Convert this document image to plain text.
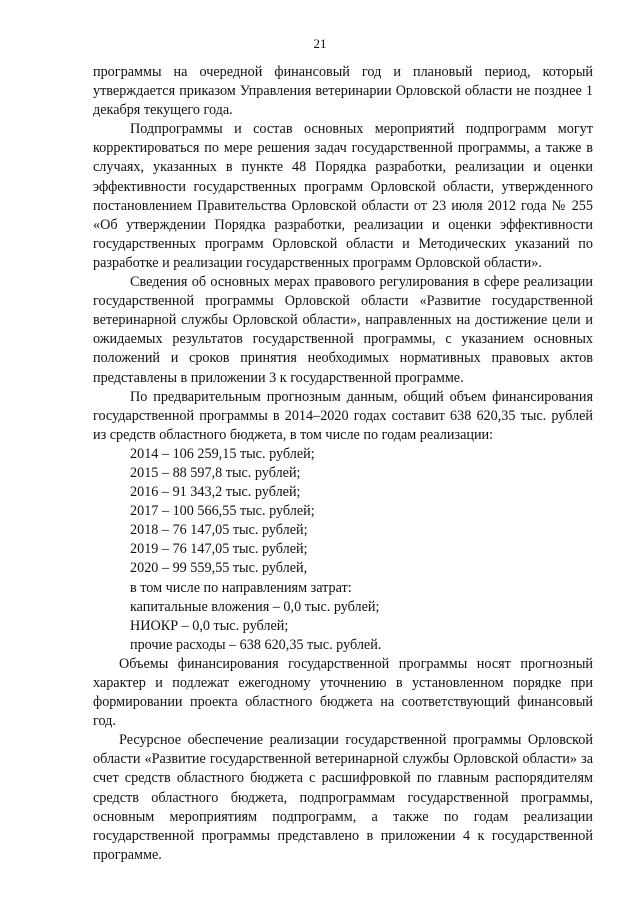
21

программы на очередной финансовый год и плановый период, который утверждается приказом Управления ветеринарии Орловской области не позднее 1 декабря текущего года.

Подпрограммы и состав основных мероприятий подпрограмм могут корректироваться по мере решения задач государственной программы, а также в случаях, указанных в пункте 48 Порядка разработки, реализации и оценки эффективности государственных программ Орловской области, утвержденного постановлением Правительства Орловской области от 23 июля 2012 года № 255 «Об утверждении Порядка разработки, реализации и оценки эффективности государственных программ Орловской области и Методических указаний по разработке и реализации государственных программ Орловской области».

Сведения об основных мерах правового регулирования в сфере реализации государственной программы Орловской области «Развитие государственной ветеринарной службы Орловской области», направленных на достижение цели и ожидаемых результатов государственной программы, с указанием основных положений и сроков принятия необходимых нормативных правовых актов представлены в приложении 3 к государственной программе.

По предварительным прогнозным данным, общий объем финансирования государственной программы в 2014–2020 годах составит 638 620,35 тыс. рублей из средств областного бюджета, в том числе по годам реализации:

2014 – 106 259,15 тыс. рублей;
2015 – 88 597,8 тыс. рублей;
2016 – 91 343,2 тыс. рублей;
2017 – 100 566,55 тыс. рублей;
2018 – 76 147,05 тыс. рублей;
2019 – 76 147,05 тыс. рублей;
2020 – 99 559,55 тыс. рублей,
в том числе по направлениям затрат:
капитальные вложения – 0,0 тыс. рублей;
НИОКР – 0,0 тыс. рублей;
прочие расходы – 638 620,35 тыс. рублей.

Объемы финансирования государственной программы носят прогнозный характер и подлежат ежегодному уточнению в установленном порядке при формировании проекта областного бюджета на соответствующий финансовый год.

Ресурсное обеспечение реализации государственной программы Орловской области «Развитие государственной ветеринарной службы Орловской области» за счет средств областного бюджета с расшифровкой по главным распорядителям средств областного бюджета, подпрограммам государственной программы, основным мероприятиям подпрограмм, а также по годам реализации государственной программы представлено в приложении 4 к государственной программе.
